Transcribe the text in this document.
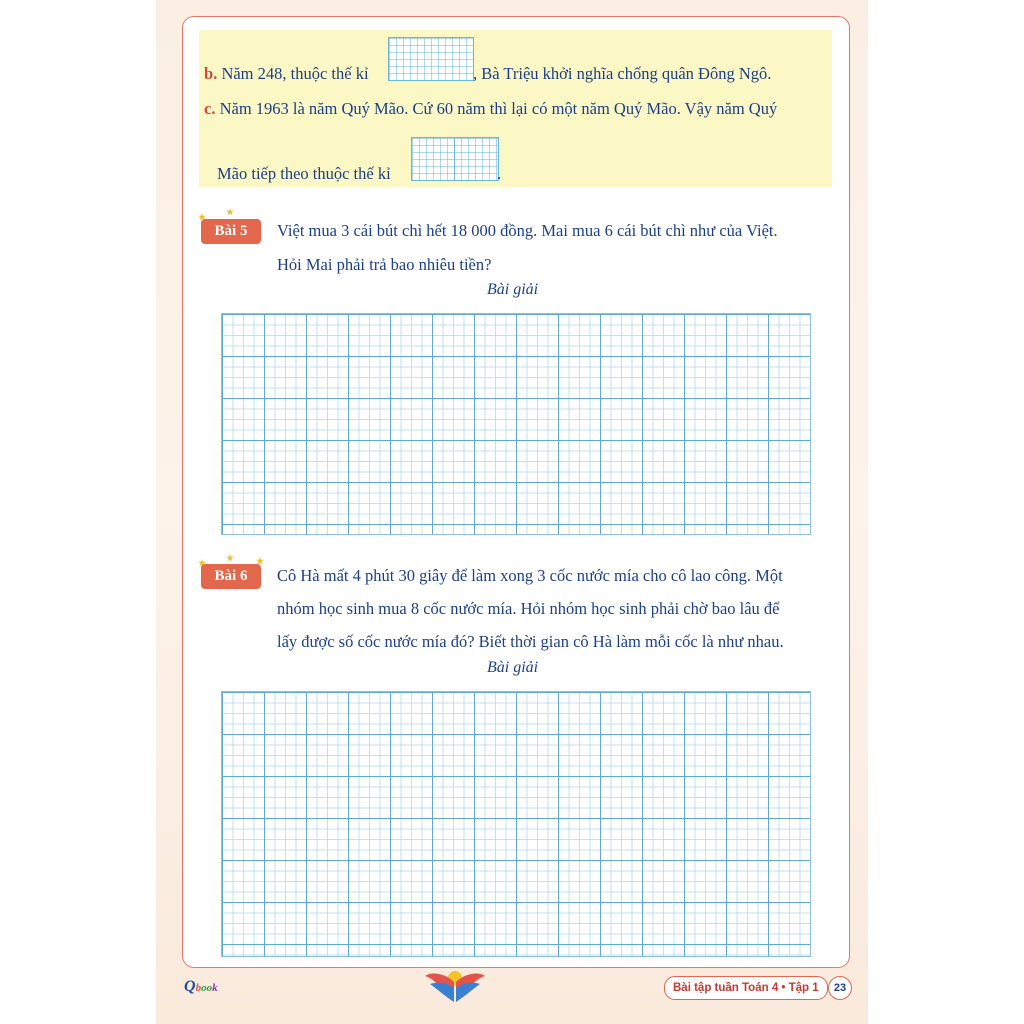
b. Năm 248, thuộc thế kỉ	, Bà Triệu khởi nghĩa chống quân Đông Ngô.
c. Năm 1963 là năm Quý Mão. Cứ 60 năm thì lại có một năm Quý Mão. Vậy năm Quý
Mão tiếp theo thuộc thế kỉ	.
Bài 5	Việt mua 3 cái bút chì hết 18 000 đồng. Mai mua 6 cái bút chì như của Việt.
Hỏi Mai phải trả bao nhiêu tiền?
Bài giải
Bài 6	Cô Hà mất 4 phút 30 giây để làm xong 3 cốc nước mía cho cô lao công. Một
nhóm học sinh mua 8 cốc nước mía. Hỏi nhóm học sinh phải chờ bao lâu để
lấy được số cốc nước mía đó? Biết thời gian cô Hà làm mỗi cốc là như nhau.
Bài giải
Qbook	Bài tập tuần Toán 4 • Tập 1	23
